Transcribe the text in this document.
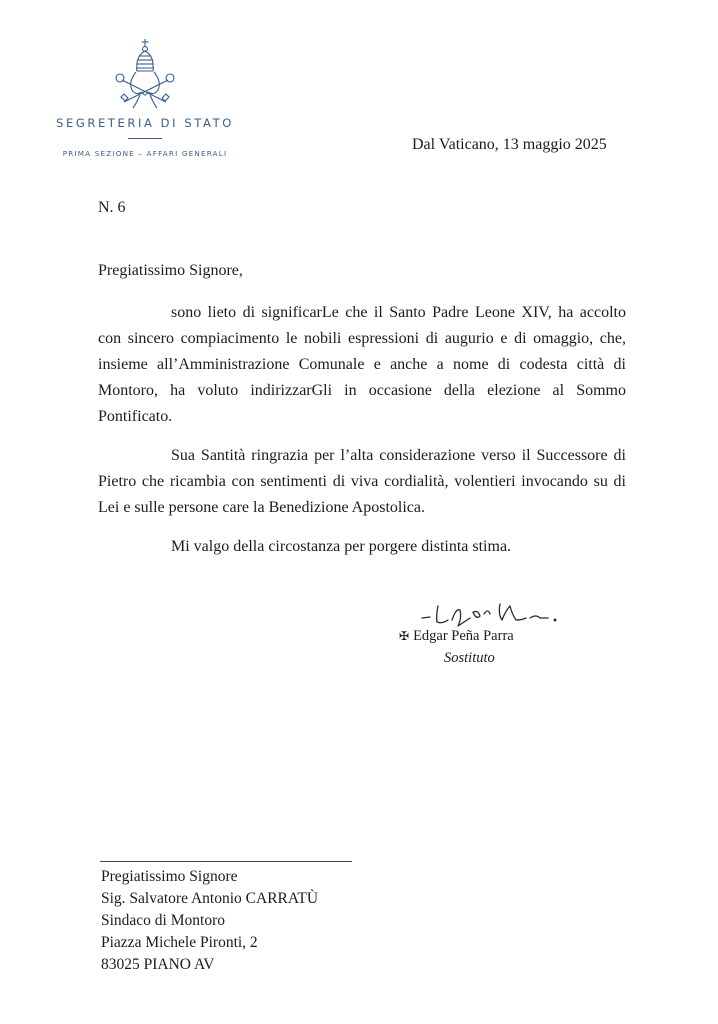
SEGRETERIA DI STATO
PRIMA SEZIONE – AFFARI GENERALI
Dal Vaticano, 13 maggio 2025
N. 6
Pregiatissimo Signore,

sono lieto di significarLe che il Santo Padre Leone XIV, ha accolto con sincero compiacimento le nobili espressioni di augurio e di omaggio, che, insieme all’Amministrazione Comunale e anche a nome di codesta città di Montoro, ha voluto indirizzarGli in occasione della elezione al Sommo Pontificato.

Sua Santità ringrazia per l’alta considerazione verso il Successore di Pietro che ricambia con sentimenti di viva cordialità, volentieri invocando su di Lei e sulle persone care la Benedizione Apostolica.

Mi valgo della circostanza per porgere distinta stima.

✠ Edgar Peña Parra
Sostituto
Pregiatissimo Signore
Sig. Salvatore Antonio CARRATÙ
Sindaco di Montoro
Piazza Michele Pironti, 2
83025 PIANO AV
